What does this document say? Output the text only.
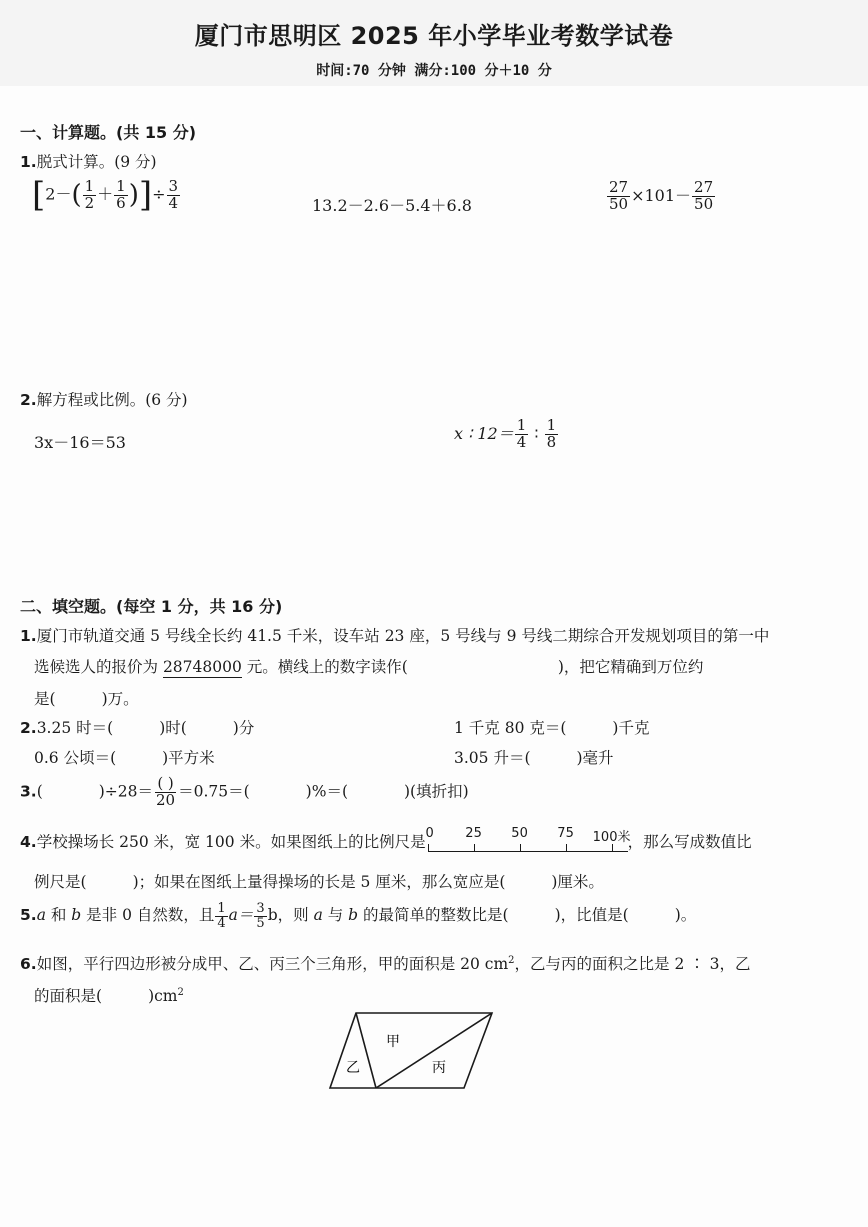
厦门市思明区 2025 年小学毕业考数学试卷
时间:70 分钟 满分:100 分＋10 分
一、计算题。(共 15 分)
1.脱式计算。(9 分)
[$2-( \frac{1}{2} + \frac{1}{6}$ )]÷ $\frac{3}{4}$	13.2－2.6－5.4＋6.8	$\frac{27}{50} \times 101- \frac{27}{50}$
2.解方程或比例。(6 分)
3x－16＝53	x ∶ $12= \frac{1}{4}$ ∶ $\frac{1}{8}$
二、填空题。(每空 1 分，共 16 分)
1.厦门市轨道交通 5 号线全长约 41.5 千米，设车站 23 座，5 号线与 9 号线二期综合开发规划项目的第一中
选候选人的报价为 28748000 元。横线上的数字读作(	)，把它精确到万位约
是(	)万。
2.3.25 时＝(	)时(	)分	1 千克 80 克＝(	)千克
0.6 公顷＝(	)平方米	3.05 升＝(	)毫升
3.(	)$\div 28= \frac{( )}{20} =0.75=$(	)%＝(	)(填折扣)
4.学校操场长 250 米，宽 100 米。如果图纸上的比例尺是 0 25 50 75 100米
，那么写成数值比
例尺是(	)；如果在图纸上量得操场的长是 5 厘米，那么宽应是(	)厘米。
5.a 和 b 是非 0 自然数，且 $\frac{1}{4} a= \frac{3}{5}$ b，则 a 与 b 的最简单的整数比是(	)，比值是(	)。
6.如图，平行四边形被分成甲、乙、丙三个三角形，甲的面积是 20 $cm^2$，乙与丙的面积之比是 2 ∶ 3，乙
的面积是(	)$cm^2$
甲
乙	丙
